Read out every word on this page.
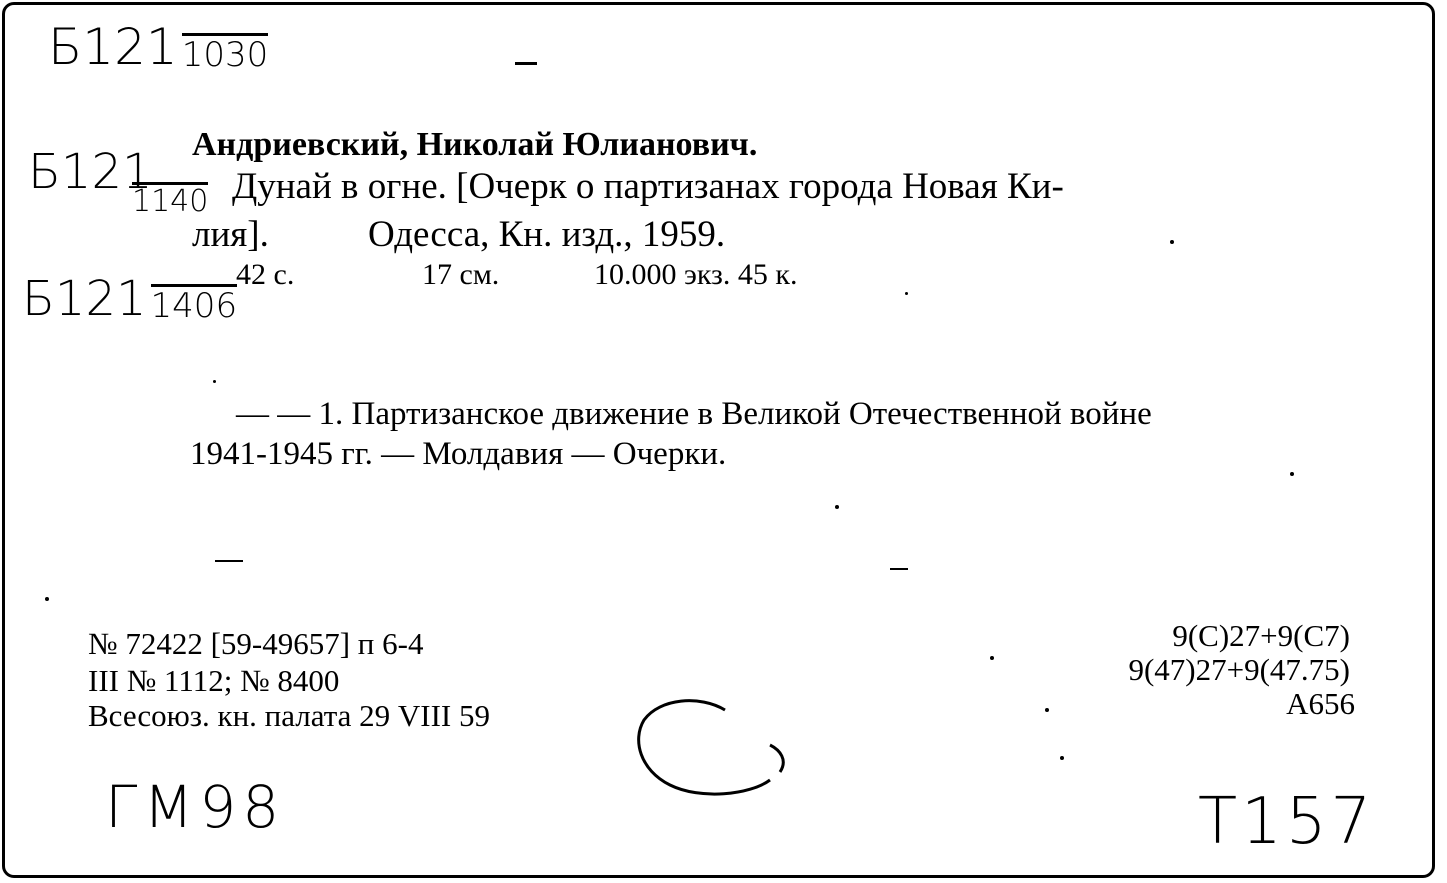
Б121 1030
Б121
1140
Б121 1406
Андриевский, Николай Юлианович.
Дунай в огне. [Очерк о партизанах города Новая Ки-
лия].	Одесса, Кн. изд., 1959.
42 с.	17 см.	10.000 экз. 45 к.
— — 1. Партизанское движение в Великой Отечественной войне
1941-1945 гг. — Молдавия — Очерки.
№ 72422 [59-49657] п 6-4
III № 1112; № 8400
Всесоюз. кн. палата 29 VIII 59
9(С)27+9(С7)
9(47)27+9(47.75)
А656
ГМ98	Т157
